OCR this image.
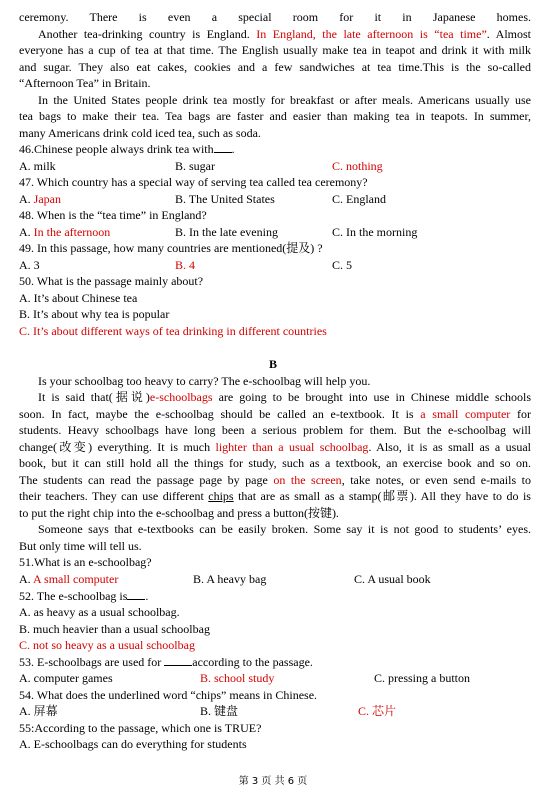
ceremony. There is even a special room for it in Japanese homes.
Another tea-drinking country is England. In England, the late afternoon is “tea time”. Almost
everyone has a cup of tea at that time. The English usually make tea in teapot and drink it with milk
and sugar. They also eat cakes, cookies and a few sandwiches at tea time.This is the so-called
“Afternoon Tea” in Britain.
In the United States people drink tea mostly for breakfast or after meals. Americans usually use
tea bags to make their tea. Tea bags are faster and easier than making tea in teapots. In summer,
many Americans drink cold iced tea, such as soda.
46.Chinese people always drink tea with .
A. milk	B. sugar	C. nothing
47. Which country has a special way of serving tea called tea ceremony?
A. Japan	B. The United States	C. England
48. When is the “tea time” in England?
A. In the afternoon	B. In the late evening	C. In the morning
49. In this passage, how many countries are mentioned(提及) ?
A. 3	B. 4	C. 5
50. What is the passage mainly about?
A. It’s about Chinese tea
B. It’s about why tea is popular
C. It’s about different ways of tea drinking in different countries
B
Is your schoolbag too heavy to carry? The e-schoolbag will help you.
It is said that(据说)e-schoolbags are going to be brought into use in Chinese middle schools
soon. In fact, maybe the e-schoolbag should be called an e-textbook. It is a small computer for
students. Heavy schoolbags have long been a serious problem for them. But the e-schoolbag will
change(改变) everything. It is much lighter than a usual schoolbag. Also, it is as small as a usual
book, but it can still hold all the things for study, such as a textbook, an exercise book and so on.
The students can read the passage page by page on the screen, take notes, or even send e-mails to
their teachers. They can use different chips that are as small as a stamp(邮票). All they have to do is
to put the right chip into the e-schoolbag and press a button(按键).
Someone says that e-textbooks can be easily broken. Some say it is not good to students’ eyes.
But only time will tell us.
51.What is an e-schoolbag?
A. A small computer	B. A heavy bag	C. A usual book
52. The e-schoolbag is .
A. as heavy as a usual schoolbag.
B. much heavier than a usual schoolbag
C. not so heavy as a usual schoolbag
53. E-schoolbags are used for according to the passage.
A. computer games	B. school study	C. pressing a button
54. What does the underlined word “chips” means in Chinese.
A. 屏幕	B. 键盘	C. 芯片
55:According to the passage, which one is TRUE?
A. E-schoolbags can do everything for students
第 3 页 共 6 页
